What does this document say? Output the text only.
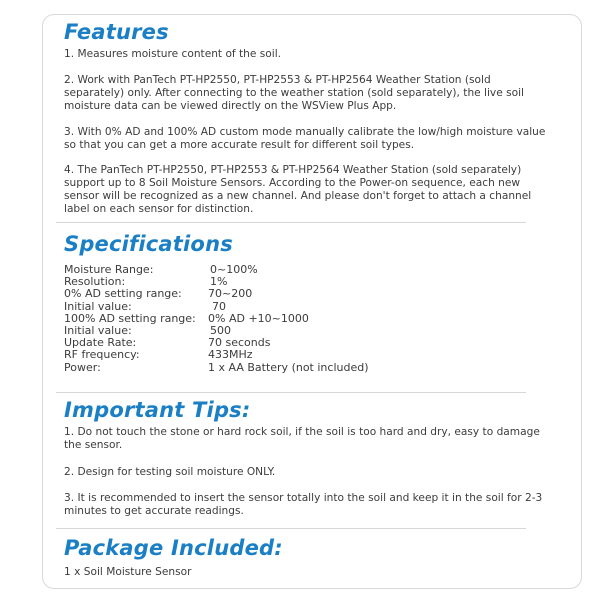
Features

1. Measures moisture content of the soil.

2. Work with PanTech PT-HP2550, PT-HP2553 & PT-HP2564 Weather Station (sold separately) only. After connecting to the weather station (sold separately), the live soil moisture data can be viewed directly on the WSView Plus App.

3. With 0% AD and 100% AD custom mode manually calibrate the low/high moisture value so that you can get a more accurate result for different soil types.

4. The PanTech PT-HP2550, PT-HP2553 & PT-HP2564 Weather Station (sold separately) support up to 8 Soil Moisture Sensors. According to the Power-on sequence, each new sensor will be recognized as a new channel. And please don't forget to attach a channel label on each sensor for distinction.

Specifications
Moisture Range:	0~100%
Resolution:	1%
0% AD setting range: 70~200
Initial value:	70
100% AD setting range: 0% AD +10~1000
Initial value:	500
Update Rate:	70 seconds
RF frequency:	433MHz
Power:	1 x AA Battery (not included)
Important Tips:

1. Do not touch the stone or hard rock soil, if the soil is too hard and dry, easy to damage the sensor.

2. Design for testing soil moisture ONLY.

3. It is recommended to insert the sensor totally into the soil and keep it in the soil for 2-3 minutes to get accurate readings.

Package Included:

1 x Soil Moisture Sensor
